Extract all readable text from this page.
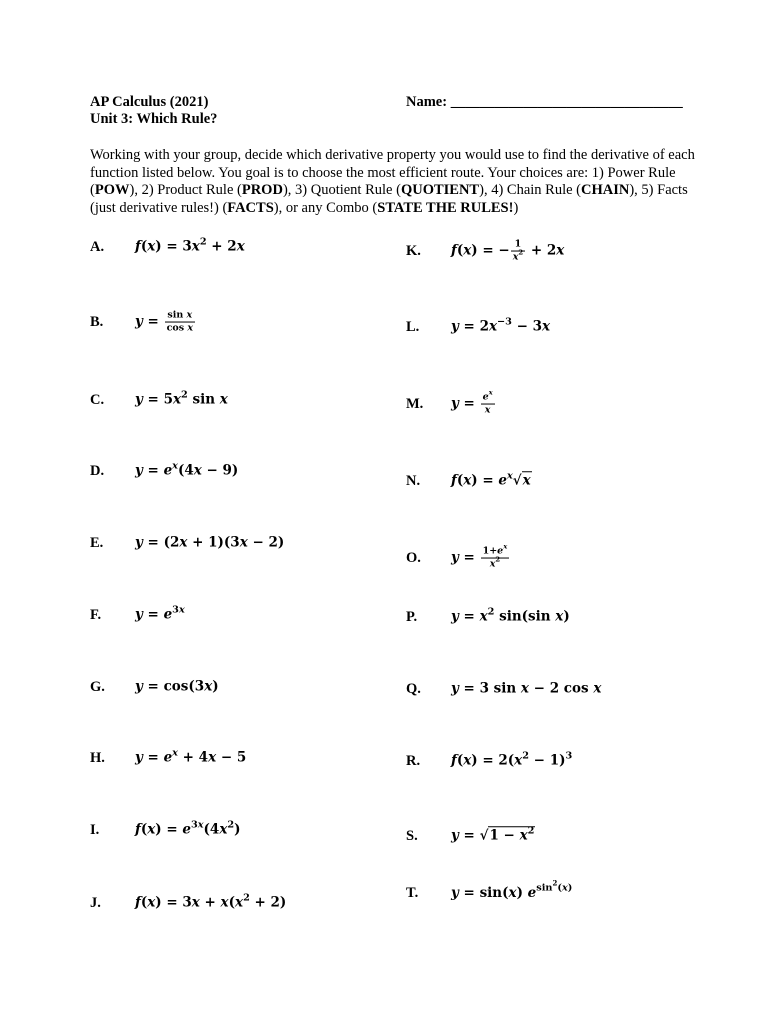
AP Calculus (2021)
Unit 3: Which Rule?
Name: ________________________________

Working with your group, decide which derivative property you would use to find the derivative of each function listed below. You goal is to choose the most efficient route. Your choices are: 1) Power Rule (POW), 2) Product Rule (PROD), 3) Quotient Rule (QUOTIENT), 4) Chain Rule (CHAIN), 5) Facts (just derivative rules!) (FACTS), or any Combo (STATE THE RULES!)

A. $f(x) = 3x^2 + 2x$
B. $y = \frac{\text{sin x}}{\text{cos x}}$
C. $y = 5x^2$ sin x
D. $y = e^x(4x - 9)$
E. y = (2x + 1)(3x − 2)
F.	$y = e^{3x}$
G. y = cos(3x)
H. $y = e^x + 4x - 5$
I.	$f(x) = e^{3x}(4x^2)$
J.	$f(x) = 3x + x(x^2 + 2)$
K. f(x) = − $\frac{1}{x^2} + 2x$
L. $y = 2x^{-3} - 3x$
M. $y = \frac{e^x}{x}$
N. $f(x) = e^x√x$
O. $y = \frac{1+e^x}{x^2}$
P.	$y = x^2$ sin(sin x)
Q. y = 3 sin x − 2 cos x
R. $f(x) = 2(x^2 - 1)^3$
S. $y = √1 - x^2$
T. y = sin(x) $e^{sin^2(x)}$
